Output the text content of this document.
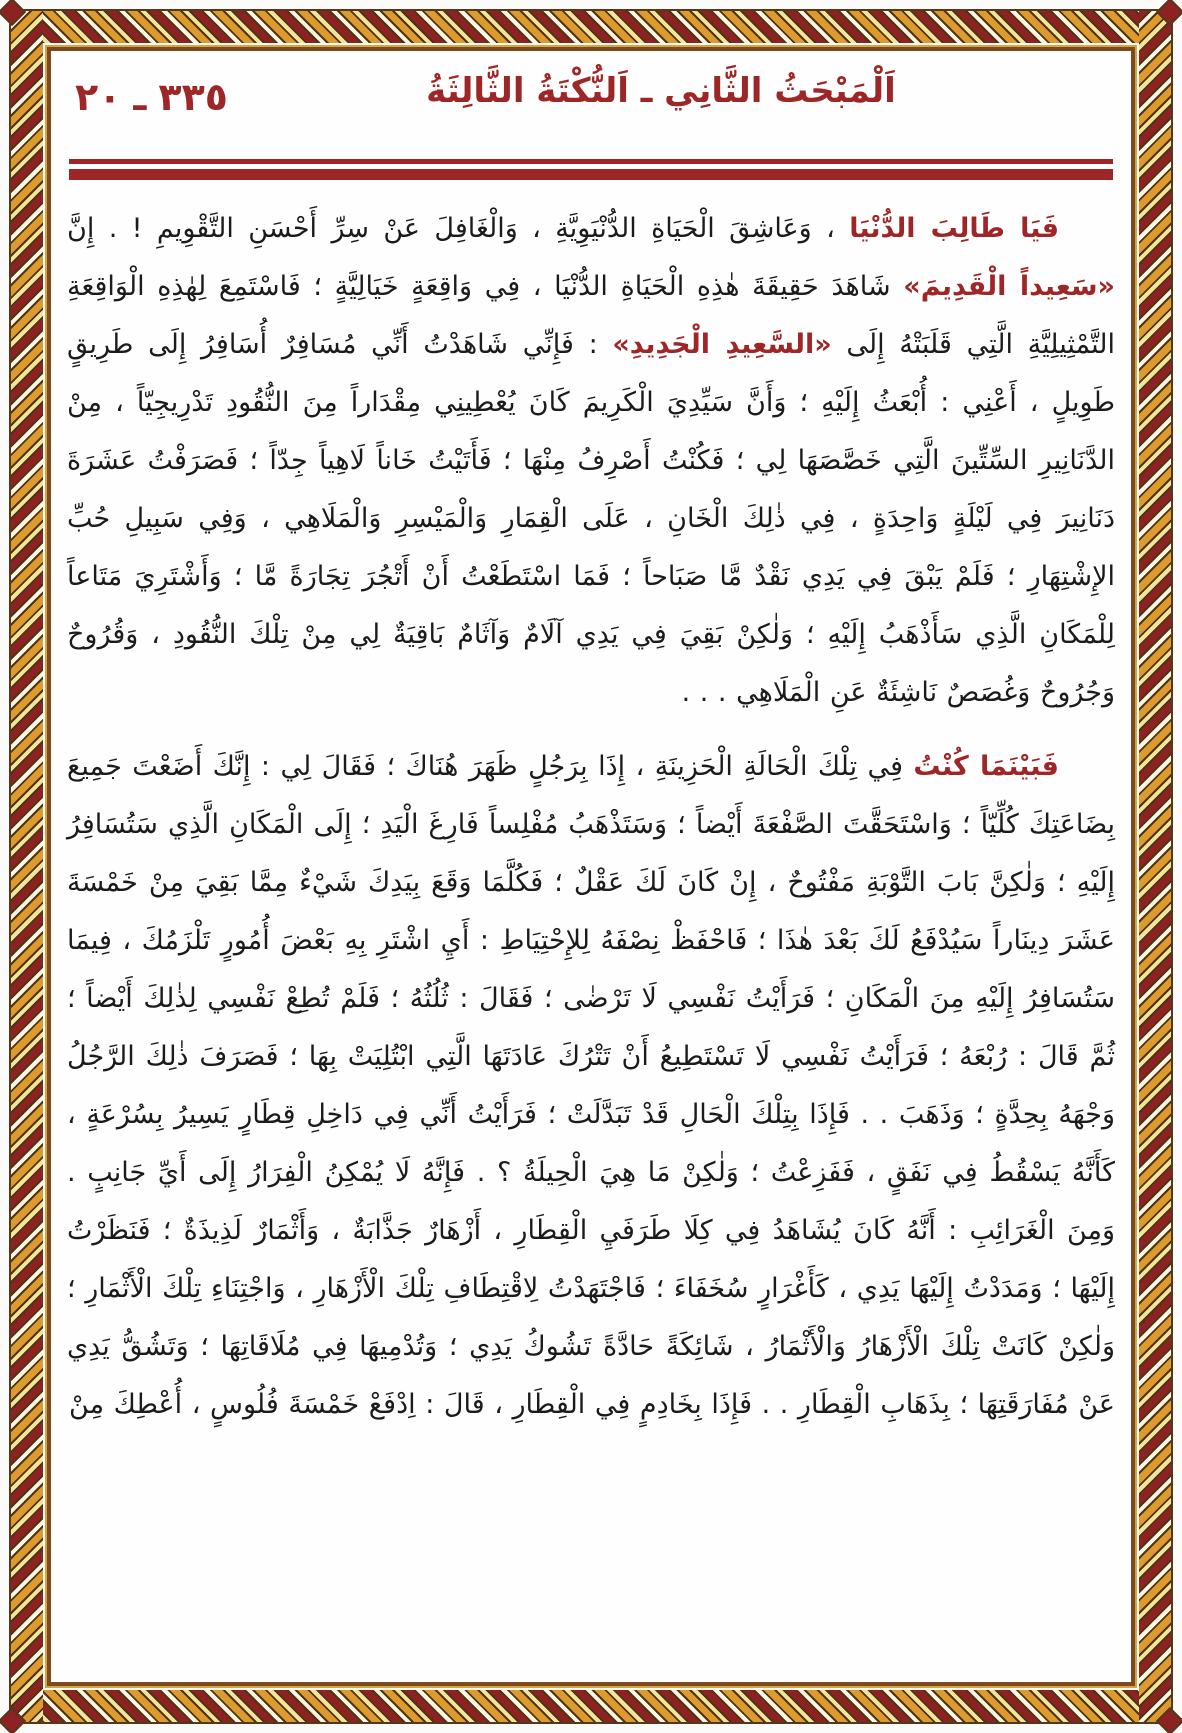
٢٠ ـ ٣٣٥	اَلْمَبْحَثُ الثَّانِي ـ اَلنُّكْتَةُ الثَّالِثَةُ

فَيَا طَالِبَ الدُّنْيَا ، وَعَاشِقَ الْحَيَاةِ الدُّنْيَوِيَّةِ ، وَالْغَافِلَ عَنْ سِرِّ أَحْسَنِ التَّقْوِيمِ ! . إِنَّ «سَعِيداً الْقَدِيمَ» شَاهَدَ حَقِيقَةَ هٰذِهِ الْحَيَاةِ الدُّنْيَا ، فِي وَاقِعَةٍ خَيَالِيَّةٍ ؛ فَاسْتَمِعَ لِهٰذِهِ الْوَاقِعَةِ التَّمْثِيلِيَّةِ الَّتِي قَلَبَتْهُ إِلَى «السَّعِيدِ الْجَدِيدِ» : فَإِنِّي شَاهَدْتُ أَنِّي مُسَافِرٌ أُسَافِرُ إِلَى طَرِيقٍ طَوِيلٍ ، أَعْنِي : أُبْعَثُ إِلَيْهِ ؛ وَأَنَّ سَيِّدِيَ الْكَرِيمَ كَانَ يُعْطِينِي مِقْدَاراً مِنَ النُّقُودِ تَدْرِيجِيّاً ، مِنْ الدَّنَانِيرِ السِّتِّينَ الَّتِي خَصَّصَهَا لِي ؛ فَكُنْتُ أَصْرِفُ مِنْهَا ؛ فَأَتَيْتُ خَاناً لَاهِياً جِدّاً ؛ فَصَرَفْتُ عَشَرَةَ دَنَانِيرَ فِي لَيْلَةٍ وَاحِدَةٍ ، فِي ذٰلِكَ الْخَانِ ، عَلَى الْقِمَارِ وَالْمَيْسِرِ وَالْمَلَاهِي ، وَفِي سَبِيلِ حُبِّ الإِشْتِهَارِ ؛ فَلَمْ يَبْقَ فِي يَدِي نَقْدٌ مَّا صَبَاحاً ؛ فَمَا اسْتَطَعْتُ أَنْ أَتْجُرَ تِجَارَةً مَّا ؛ وَأَشْتَرِيَ مَتَاعاً لِلْمَكَانِ الَّذِي سَأَذْهَبُ إِلَيْهِ ؛ وَلٰكِنْ بَقِيَ فِي يَدِي آلَامٌ وَآثَامٌ بَاقِيَةٌ لِي مِنْ تِلْكَ النُّقُودِ ، وَقُرُوحٌ وَجُرُوحٌ وَغُصَصٌ نَاشِئَةٌ عَنِ الْمَلَاهِي . . .

فَبَيْنَمَا كُنْتُ فِي تِلْكَ الْحَالَةِ الْحَزِينَةِ ، إِذَا بِرَجُلٍ ظَهَرَ هُنَاكَ ؛ فَقَالَ لِي : إِنَّكَ أَضَعْتَ جَمِيعَ بِضَاعَتِكَ كُلِّيّاً ؛ وَاسْتَحَقَّتَ الصَّفْعَةَ أَيْضاً ؛ وَسَتَذْهَبُ مُفْلِساً فَارِغَ الْيَدِ ؛ إِلَى الْمَكَانِ الَّذِي سَتُسَافِرُ إِلَيْهِ ؛ وَلٰكِنَّ بَابَ التَّوْبَةِ مَفْتُوحٌ ، إِنْ كَانَ لَكَ عَقْلٌ ؛ فَكُلَّمَا وَقَعَ بِيَدِكَ شَيْءٌ مِمَّا بَقِيَ مِنْ خَمْسَةَ عَشَرَ دِينَاراً سَيُدْفَعُ لَكَ بَعْدَ هٰذَا ؛ فَاحْفَظْ نِصْفَهُ لِلإِحْتِيَاطِ : أَيِ اشْتَرِ بِهِ بَعْضَ أُمُورٍ تَلْزَمُكَ ، فِيمَا سَتُسَافِرُ إِلَيْهِ مِنَ الْمَكَانِ ؛ فَرَأَيْتُ نَفْسِي لَا تَرْضٰى ؛ فَقَالَ : ثُلُثُهُ ؛ فَلَمْ تُطِعْ نَفْسِي لِذٰلِكَ أَيْضاً ؛ ثُمَّ قَالَ : رُبْعَهُ ؛ فَرَأَيْتُ نَفْسِي لَا تَسْتَطِيعُ أَنْ تَتْرُكَ عَادَتَهَا الَّتِي ابْتُلِيَتْ بِهَا ؛ فَصَرَفَ ذٰلِكَ الرَّجُلُ وَجْهَهُ بِحِدَّةٍ ؛ وَذَهَبَ . . فَإِذَا بِتِلْكَ الْحَالِ قَدْ تَبَدَّلَتْ ؛ فَرَأَيْتُ أَنِّي فِي دَاخِلِ قِطَارٍ يَسِيرُ بِسُرْعَةٍ ، كَأَنَّهُ يَسْقُطُ فِي نَفَقٍ ، فَفَزِعْتُ ؛ وَلٰكِنْ مَا هِيَ الْحِيلَةُ ؟ . فَإِنَّهُ لَا يُمْكِنُ الْفِرَارُ إِلَى أَيِّ جَانِبٍ . وَمِنَ الْغَرَائِبِ : أَنَّهُ كَانَ يُشَاهَدُ فِي كِلَا طَرَفَيِ الْقِطَارِ ، أَزْهَارٌ جَذَّابَةٌ ، وَأَثْمَارٌ لَذِيذَةٌ ؛ فَنَظَرْتُ إِلَيْهَا ؛ وَمَدَدْتُ إِلَيْهَا يَدِي ، كَأَغْرَارٍ سُخَفَاءَ ؛ فَاجْتَهَدْتُ لِاقْتِطَافِ تِلْكَ الْأَزْهَارِ ، وَاجْتِنَاءِ تِلْكَ الْأَثْمَارِ ؛ وَلٰكِنْ كَانَتْ تِلْكَ الْأَزْهَارُ وَالْأَثْمَارُ ، شَائِكَةً حَادَّةً تَشُوكُ يَدِي ؛ وَتُدْمِيهَا فِي مُلَاقَاتِهَا ؛ وَتَشُقُّ يَدِي عَنْ مُفَارَقَتِهَا ؛ بِذَهَابِ الْقِطَارِ . . فَإِذَا بِخَادِمٍ فِي الْقِطَارِ ، قَالَ : اِدْفَعْ خَمْسَةَ فُلُوسٍ ، أُعْطِكَ مِنْ
